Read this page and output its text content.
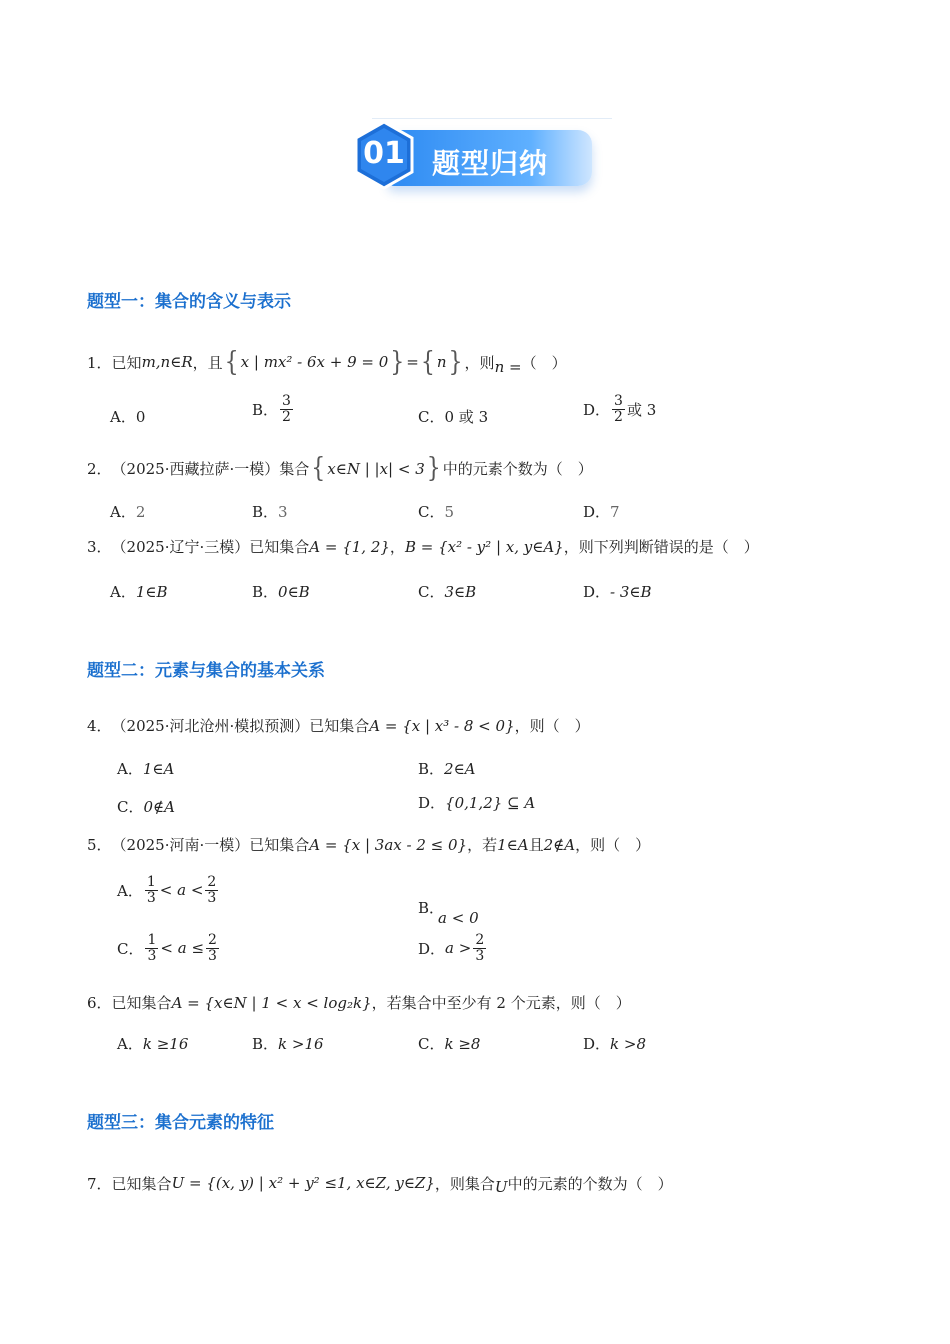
01 题型归纳
题型一：集合的含义与表示
1． 已知 m,n∈R ，且 { x | mx² - 6x + 9 = 0 } = { n } ，则 n = （　）
A． 0	B． $\frac{3}{2}$	C． 0 或 3	D． $\frac{3}{2}$ 或 3
2． （2025·西藏拉萨·一模）集合 { x∈N | |x| < 3 } 中的元素个数为（　）
A． 2	B． 3	C． 5	D． 7
3． （2025·辽宁·三模）已知集合 A = {1, 2} ， B = {x² - y² | x, y∈A} ，则下列判断错误的是（　）
A． 1∈B	B． 0∈B	C． 3∈B	D． - 3∈B
题型二：元素与集合的基本关系
4． （2025·河北沧州·模拟预测）已知集合 A = {x | x³ - 8 < 0} ，则（　）
A． 1∈A	B． 2∈A
C． 0∉A	D． {0,1,2} ⊆ A
5． （2025·河南·一模）已知集合 A = {x | 3ax - 2 ≤ 0} ，若 1∈A 且 2∉A ，则（　）
A． $\frac{1}{3} < a < \frac{2}{3}$
B．
a < 0
C． $\frac{1}{3} < a \le \frac{2}{3}$	D． $a > \frac{2}{3}$
6． 已知集合 A = {x∈N | 1 < x < log₂k} ，若集合中至少有 2 个元素，则（　）
A． k ≥16	B． k >16	C． k ≥8	D． k >8
题型三：集合元素的特征
7． 已知集合 U = {(x, y) | x² + y² ≤1, x∈Z, y∈Z} ，则集合 U 中的元素的个数为（　）
